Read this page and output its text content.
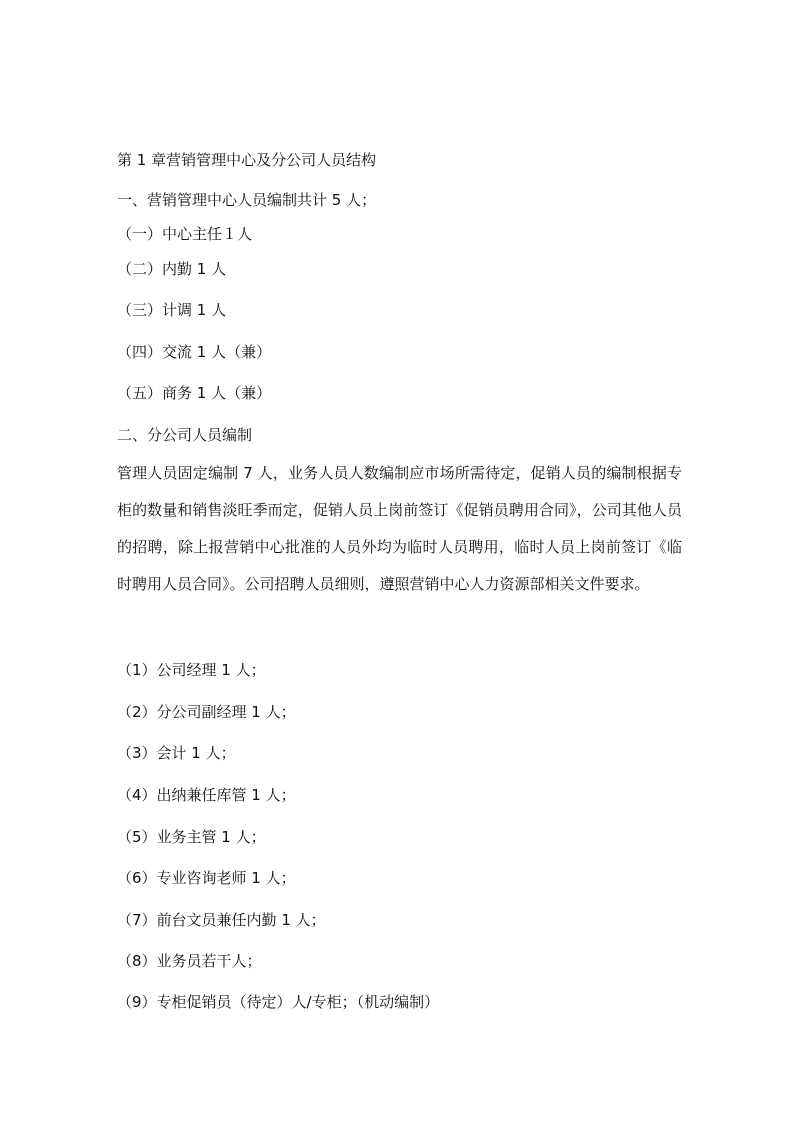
第 1 章营销管理中心及分公司人员结构
一、营销管理中心人员编制共计 5 人；
（一）中心主任１人
（二）内勤 1 人
（三）计调 1 人
（四）交流 1 人（兼）
（五）商务 1 人（兼）
二、分公司人员编制
管理人员固定编制 7 人，业务人员人数编制应市场所需待定，促销人员的编制根据专柜的数量和销售淡旺季而定，促销人员上岗前签订《促销员聘用合同》，公司其他人员的招聘，除上报营销中心批准的人员外均为临时人员聘用，临时人员上岗前签订《临时聘用人员合同》。公司招聘人员细则，遵照营销中心人力资源部相关文件要求。
（1）公司经理 1 人；
（2）分公司副经理 1 人；
（3）会计 1 人；
（4）出纳兼任库管 1 人；
（5）业务主管 1 人；
（6）专业咨询老师 1 人；
（7）前台文员兼任内勤 1 人；
（8）业务员若干人；
（9）专柜促销员（待定）人/专柜；（机动编制）
